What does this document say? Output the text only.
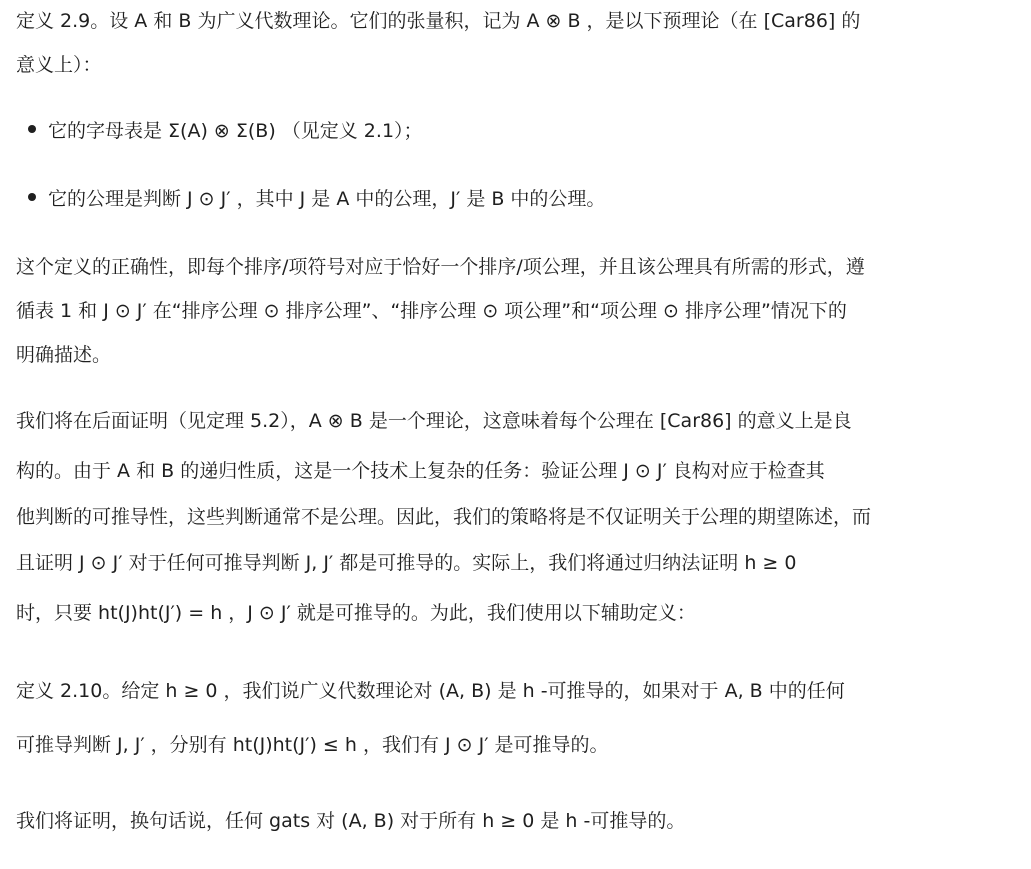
定义 2.9。设 A 和 B 为广义代数理论。它们的张量积，记为 A ⊗ B ，是以下预理论（在 [Car86] 的
意义上）：
它的字母表是 Σ(A) ⊗ Σ(B) （见定义 2.1）；
它的公理是判断 J ⊙ J′ ，其中 J 是 A 中的公理，J′ 是 B 中的公理。
这个定义的正确性，即每个排序/项符号对应于恰好一个排序/项公理，并且该公理具有所需的形式，遵
循表 1 和 J ⊙ J′ 在“排序公理 ⊙ 排序公理”、“排序公理 ⊙ 项公理”和“项公理 ⊙ 排序公理”情况下的
明确描述。
我们将在后面证明（见定理 5.2），A ⊗ B 是一个理论，这意味着每个公理在 [Car86] 的意义上是良
构的。由于 A 和 B 的递归性质，这是一个技术上复杂的任务：验证公理 J ⊙ J′ 良构对应于检查其
他判断的可推导性，这些判断通常不是公理。因此，我们的策略将是不仅证明关于公理的期望陈述，而
且证明 J ⊙ J′ 对于任何可推导判断 J, J′ 都是可推导的。实际上，我们将通过归纳法证明 h ≥ 0
时，只要 ht(J)ht(J′) = h ，J ⊙ J′ 就是可推导的。为此，我们使用以下辅助定义：
定义 2.10。给定 h ≥ 0 ，我们说广义代数理论对 (A, B) 是 h -可推导的，如果对于 A, B 中的任何
可推导判断 J, J′ ，分别有 ht(J)ht(J′) ≤ h ，我们有 J ⊙ J′ 是可推导的。
我们将证明，换句话说，任何 gats 对 (A, B) 对于所有 h ≥ 0 是 h -可推导的。
